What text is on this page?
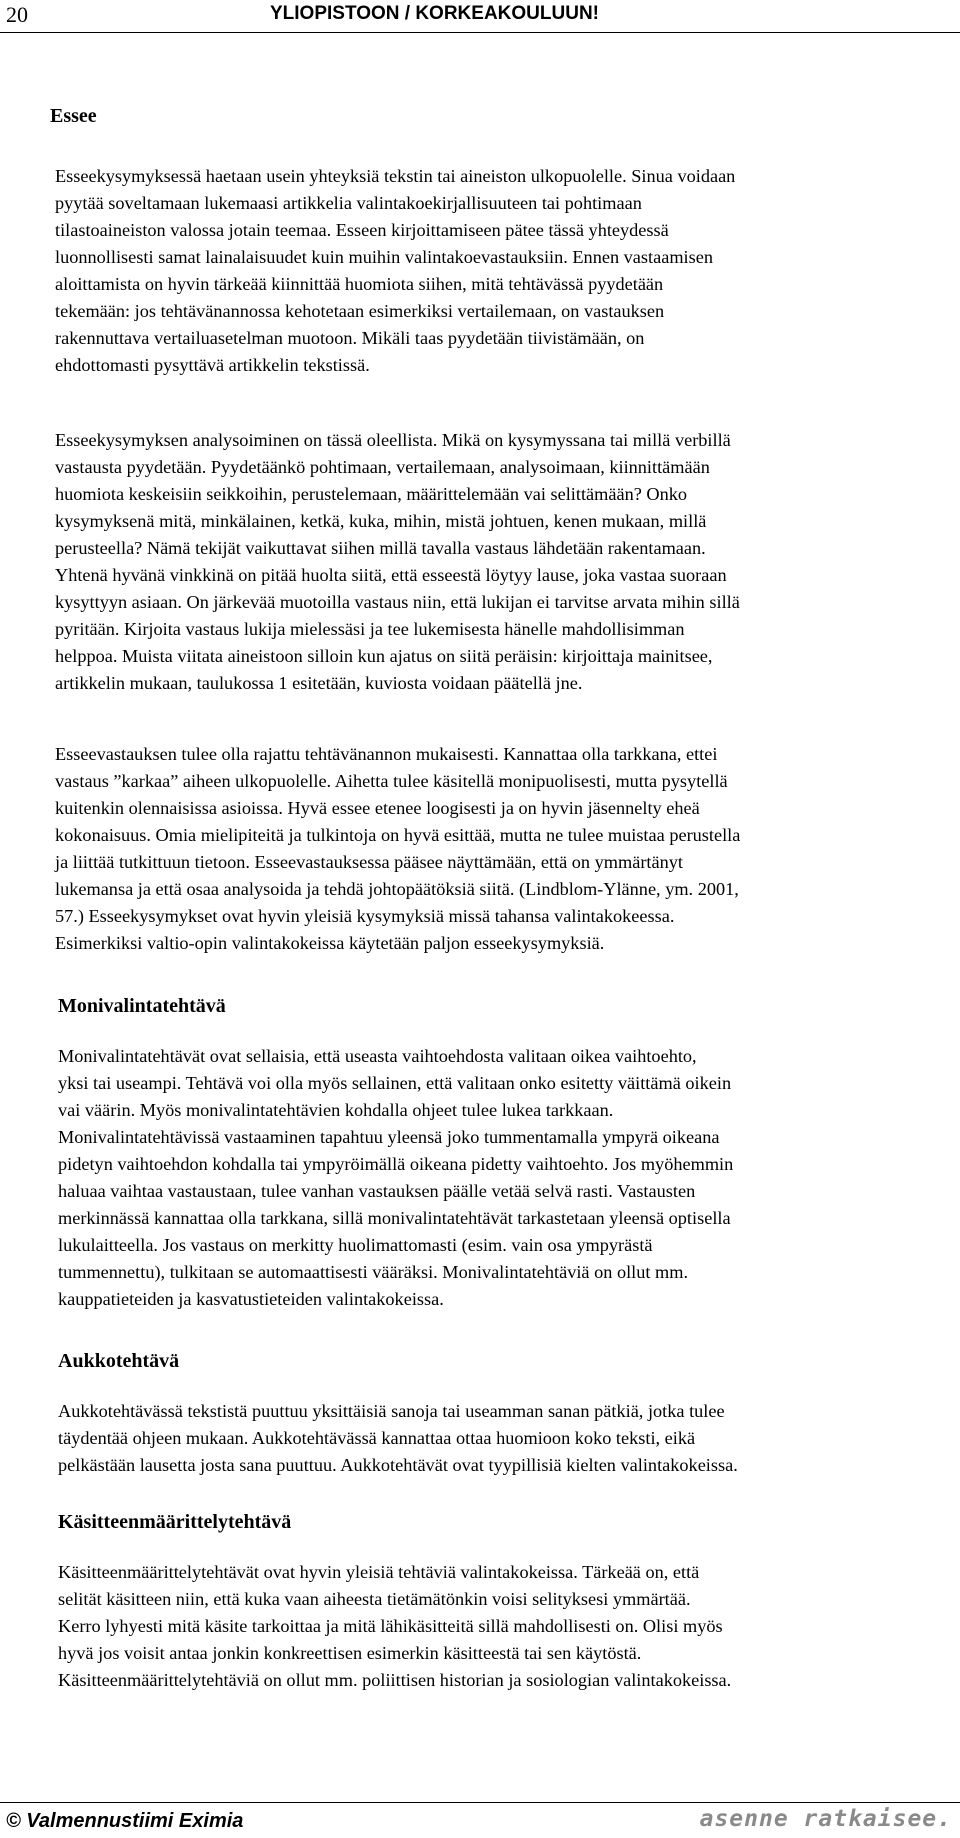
20	YLIOPISTOON / KORKEAKOULUUN!
Essee

Esseekysymyksessä haetaan usein yhteyksiä tekstin tai aineiston ulkopuolelle. Sinua voidaan
pyytää soveltamaan lukemaasi artikkelia valintakoekirjallisuuteen tai pohtimaan
tilastoaineiston valossa jotain teemaa. Esseen kirjoittamiseen pätee tässä yhteydessä
luonnollisesti samat lainalaisuudet kuin muihin valintakoevastauksiin. Ennen vastaamisen
aloittamista on hyvin tärkeää kiinnittää huomiota siihen, mitä tehtävässä pyydetään
tekemään: jos tehtävänannossa kehotetaan esimerkiksi vertailemaan, on vastauksen
rakennuttava vertailuasetelman muotoon. Mikäli taas pyydetään tiivistämään, on
ehdottomasti pysyttävä artikkelin tekstissä.

Esseekysymyksen analysoiminen on tässä oleellista. Mikä on kysymyssana tai millä verbillä
vastausta pyydetään. Pyydetäänkö pohtimaan, vertailemaan, analysoimaan, kiinnittämään
huomiota keskeisiin seikkoihin, perustelemaan, määrittelemään vai selittämään? Onko
kysymyksenä mitä, minkälainen, ketkä, kuka, mihin, mistä johtuen, kenen mukaan, millä
perusteella? Nämä tekijät vaikuttavat siihen millä tavalla vastaus lähdetään rakentamaan.
Yhtenä hyvänä vinkkinä on pitää huolta siitä, että esseestä löytyy lause, joka vastaa suoraan
kysyttyyn asiaan. On järkevää muotoilla vastaus niin, että lukijan ei tarvitse arvata mihin sillä
pyritään. Kirjoita vastaus lukija mielessäsi ja tee lukemisesta hänelle mahdollisimman
helppoa. Muista viitata aineistoon silloin kun ajatus on siitä peräisin: kirjoittaja mainitsee,
artikkelin mukaan, taulukossa 1 esitetään, kuviosta voidaan päätellä jne.

Esseevastauksen tulee olla rajattu tehtävänannon mukaisesti. Kannattaa olla tarkkana, ettei
vastaus ”karkaa” aiheen ulkopuolelle. Aihetta tulee käsitellä monipuolisesti, mutta pysytellä
kuitenkin olennaisissa asioissa. Hyvä essee etenee loogisesti ja on hyvin jäsennelty eheä
kokonaisuus. Omia mielipiteitä ja tulkintoja on hyvä esittää, mutta ne tulee muistaa perustella
ja liittää tutkittuun tietoon. Esseevastauksessa pääsee näyttämään, että on ymmärtänyt
lukemansa ja että osaa analysoida ja tehdä johtopäätöksiä siitä. (Lindblom-Ylänne, ym. 2001,
57.) Esseekysymykset ovat hyvin yleisiä kysymyksiä missä tahansa valintakokeessa.
Esimerkiksi valtio-opin valintakokeissa käytetään paljon esseekysymyksiä.

Monivalintatehtävä

Monivalintatehtävät ovat sellaisia, että useasta vaihtoehdosta valitaan oikea vaihtoehto,
yksi tai useampi. Tehtävä voi olla myös sellainen, että valitaan onko esitetty väittämä oikein
vai väärin. Myös monivalintatehtävien kohdalla ohjeet tulee lukea tarkkaan.
Monivalintatehtävissä vastaaminen tapahtuu yleensä joko tummentamalla ympyrä oikeana
pidetyn vaihtoehdon kohdalla tai ympyröimällä oikeana pidetty vaihtoehto. Jos myöhemmin
haluaa vaihtaa vastaustaan, tulee vanhan vastauksen päälle vetää selvä rasti. Vastausten
merkinnässä kannattaa olla tarkkana, sillä monivalintatehtävät tarkastetaan yleensä optisella
lukulaitteella. Jos vastaus on merkitty huolimattomasti (esim. vain osa ympyrästä
tummennettu), tulkitaan se automaattisesti vääräksi. Monivalintatehtäviä on ollut mm.
kauppatieteiden ja kasvatustieteiden valintakokeissa.

Aukkotehtävä

Aukkotehtävässä tekstistä puuttuu yksittäisiä sanoja tai useamman sanan pätkiä, jotka tulee
täydentää ohjeen mukaan. Aukkotehtävässä kannattaa ottaa huomioon koko teksti, eikä
pelkästään lausetta josta sana puuttuu. Aukkotehtävät ovat tyypillisiä kielten valintakokeissa.

Käsitteenmäärittelytehtävä

Käsitteenmäärittelytehtävät ovat hyvin yleisiä tehtäviä valintakokeissa. Tärkeää on, että
selität käsitteen niin, että kuka vaan aiheesta tietämätönkin voisi selityksesi ymmärtää.
Kerro lyhyesti mitä käsite tarkoittaa ja mitä lähikäsitteitä sillä mahdollisesti on. Olisi myös
hyvä jos voisit antaa jonkin konkreettisen esimerkin käsitteestä tai sen käytöstä.
Käsitteenmäärittelytehtäviä on ollut mm. poliittisen historian ja sosiologian valintakokeissa.

© Valmennustiimi Eximia	asenne ratkaisee.
